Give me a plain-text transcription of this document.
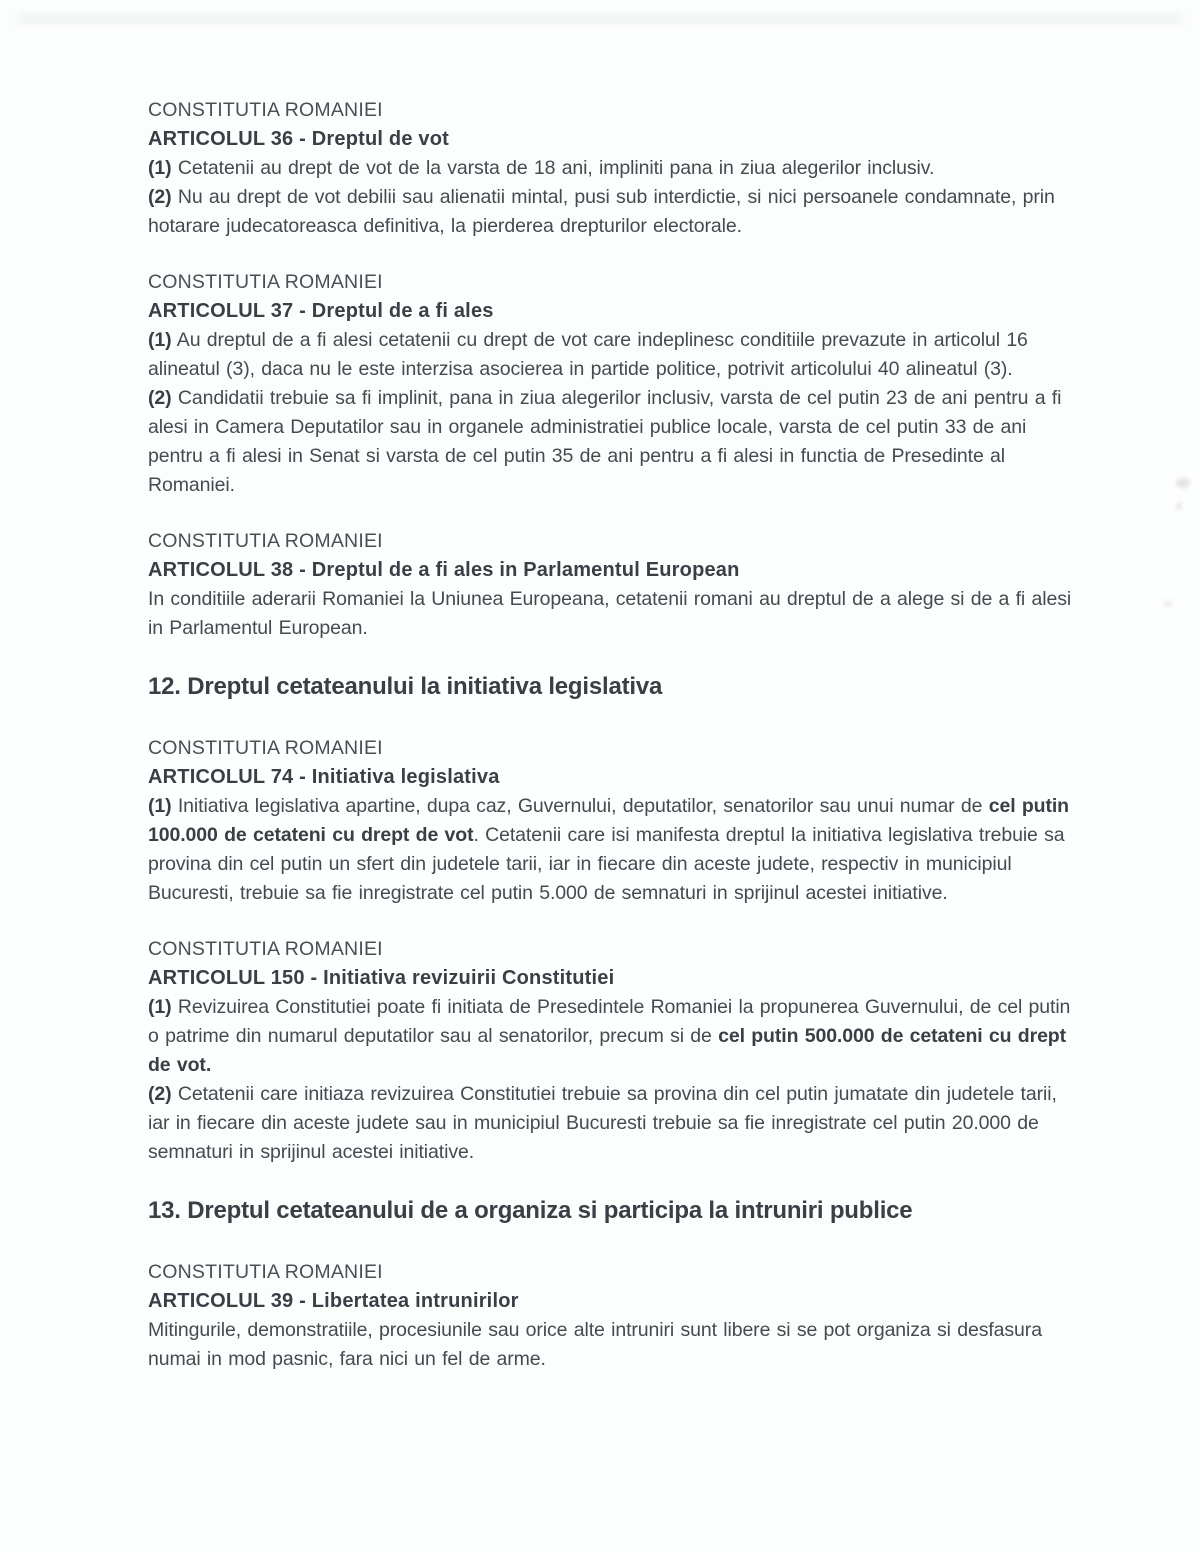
CONSTITUTIA ROMANIEI
ARTICOLUL 36 - Dreptul de vot

(1) Cetatenii au drept de vot de la varsta de 18 ani, impliniti pana in ziua alegerilor inclusiv.

(2) Nu au drept de vot debilii sau alienatii mintal, pusi sub interdictie, si nici persoanele condamnate, prin hotarare judecatoreasca definitiva, la pierderea drepturilor electorale.

CONSTITUTIA ROMANIEI
ARTICOLUL 37 - Dreptul de a fi ales

(1) Au dreptul de a fi alesi cetatenii cu drept de vot care indeplinesc conditiile prevazute in articolul 16 alineatul (3), daca nu le este interzisa asocierea in partide politice, potrivit articolului 40 alineatul (3).

(2) Candidatii trebuie sa fi implinit, pana in ziua alegerilor inclusiv, varsta de cel putin 23 de ani pentru a fi alesi in Camera Deputatilor sau in organele administratiei publice locale, varsta de cel putin 33 de ani pentru a fi alesi in Senat si varsta de cel putin 35 de ani pentru a fi alesi in functia de Presedinte al Romaniei.

CONSTITUTIA ROMANIEI
ARTICOLUL 38 - Dreptul de a fi ales in Parlamentul European

In conditiile aderarii Romaniei la Uniunea Europeana, cetatenii romani au dreptul de a alege si de a fi alesi in Parlamentul European.

12. Dreptul cetateanului la initiativa legislativa
CONSTITUTIA ROMANIEI
ARTICOLUL 74 - Initiativa legislativa

(1) Initiativa legislativa apartine, dupa caz, Guvernului, deputatilor, senatorilor sau unui numar de cel putin 100.000 de cetateni cu drept de vot. Cetatenii care isi manifesta dreptul la initiativa legislativa trebuie sa provina din cel putin un sfert din judetele tarii, iar in fiecare din aceste judete, respectiv in municipiul Bucuresti, trebuie sa fie inregistrate cel putin 5.000 de semnaturi in sprijinul acestei initiative.

CONSTITUTIA ROMANIEI
ARTICOLUL 150 - Initiativa revizuirii Constitutiei

(1) Revizuirea Constitutiei poate fi initiata de Presedintele Romaniei la propunerea Guvernului, de cel putin o patrime din numarul deputatilor sau al senatorilor, precum si de cel putin 500.000 de cetateni cu drept de vot.

(2) Cetatenii care initiaza revizuirea Constitutiei trebuie sa provina din cel putin jumatate din judetele tarii, iar in fiecare din aceste judete sau in municipiul Bucuresti trebuie sa fie inregistrate cel putin 20.000 de semnaturi in sprijinul acestei initiative.

13. Dreptul cetateanului de a organiza si participa la intruniri publice
CONSTITUTIA ROMANIEI
ARTICOLUL 39 - Libertatea intrunirilor

Mitingurile, demonstratiile, procesiunile sau orice alte intruniri sunt libere si se pot organiza si desfasura numai in mod pasnic, fara nici un fel de arme.
